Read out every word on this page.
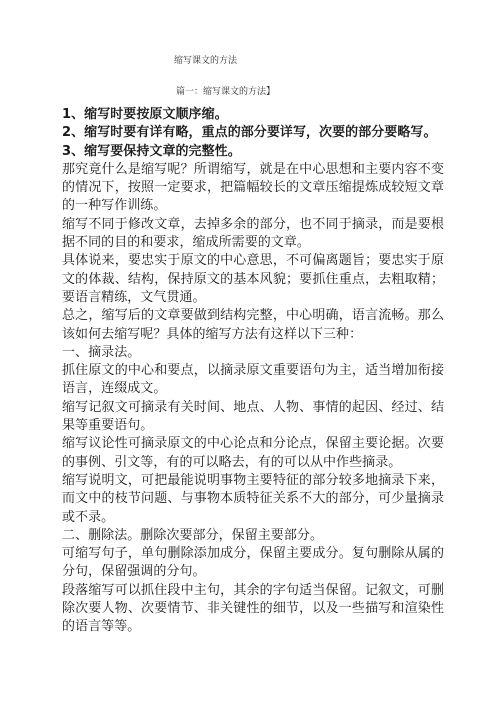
缩写课文的方法
篇一：缩写课文的方法】

1、缩写时要按原文顺序缩。

2、缩写时要有详有略，重点的部分要详写，次要的部分要略写。

3、缩写要保持文章的完整性。

那究竟什么是缩写呢？所谓缩写，就是在中心思想和主要内容不变的情况下，按照一定要求，把篇幅较长的文章压缩提炼成较短文章的一种写作训练。

缩写不同于修改文章，去掉多余的部分，也不同于摘录，而是要根据不同的目的和要求，缩成所需要的文章。

具体说来，要忠实于原文的中心意思，不可偏离题旨；要忠实于原文的体裁、结构，保持原文的基本风貌；要抓住重点，去粗取精；要语言精练，文气贯通。

总之，缩写后的文章要做到结构完整，中心明确，语言流畅。那么该如何去缩写呢？具体的缩写方法有这样以下三种：

一、摘录法。

抓住原文的中心和要点，以摘录原文重要语句为主，适当增加衔接语言，连缀成文。

缩写记叙文可摘录有关时间、地点、人物、事情的起因、经过、结果等重要语句。

缩写议论性可摘录原文的中心论点和分论点，保留主要论据。次要的事例、引文等，有的可以略去，有的可以从中作些摘录。

缩写说明文，可把最能说明事物主要特征的部分较多地摘录下来，而文中的枝节问题、与事物本质特征关系不大的部分，可少量摘录或不录。

二、删除法。删除次要部分，保留主要部分。

可缩写句子，单句删除添加成分，保留主要成分。复句删除从属的分句，保留强调的分句。

段落缩写可以抓住段中主句，其余的字句适当保留。记叙文，可删除次要人物、次要情节、非关键性的细节，以及一些描写和渲染性的语言等等。
